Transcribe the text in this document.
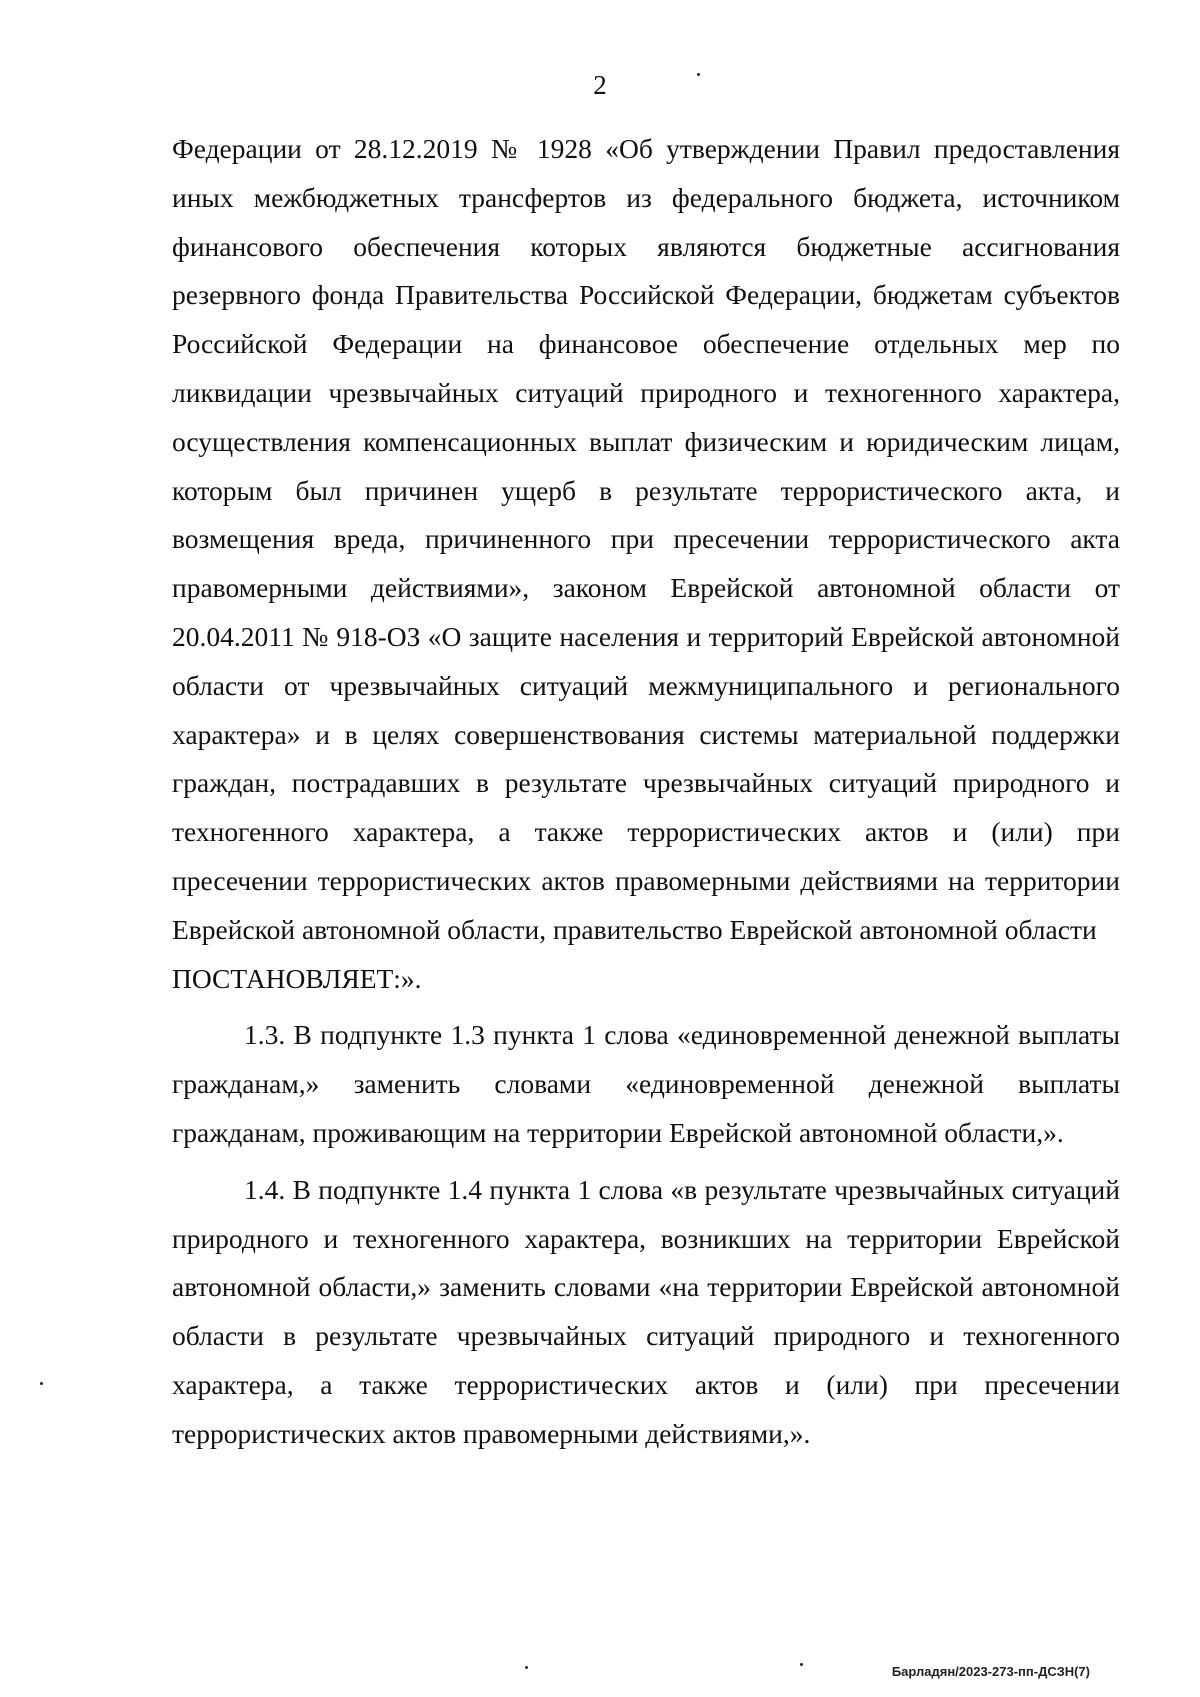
2

Федерации от 28.12.2019 № 1928 «Об утверждении Правил предоставления иных межбюджетных трансфертов из федерального бюджета, источником финансового обеспечения которых являются бюджетные ассигнования резервного фонда Правительства Российской Федерации, бюджетам субъектов Российской Федерации на финансовое обеспечение отдельных мер по ликвидации чрезвычайных ситуаций природного и техногенного характера, осуществления компенсационных выплат физическим и юридическим лицам, которым был причинен ущерб в результате террористического акта, и возмещения вреда, причиненного при пресечении террористического акта правомерными действиями», законом Еврейской автономной области от 20.04.2011 № 918-ОЗ «О защите населения и территорий Еврейской автономной области от чрезвычайных ситуаций межмуниципального и регионального характера» и в целях совершенствования системы материальной поддержки граждан, пострадавших в результате чрезвычайных ситуаций природного и техногенного характера, а также террористических актов и (или) при пресечении террористических актов правомерными действиями на территории Еврейской автономной области, правительство Еврейской автономной области

ПОСТАНОВЛЯЕТ:».

1.3. В подпункте 1.3 пункта 1 слова «единовременной денежной выплаты гражданам,» заменить словами «единовременной денежной выплаты гражданам, проживающим на территории Еврейской автономной области,».

1.4. В подпункте 1.4 пункта 1 слова «в результате чрезвычайных ситуаций природного и техногенного характера, возникших на территории Еврейской автономной области,» заменить словами «на территории Еврейской автономной области в результате чрезвычайных ситуаций природного и техногенного характера, а также террористических актов и (или) при пресечении террористических актов правомерными действиями,».

Барладян/2023-273-пп-ДСЗН(7)
